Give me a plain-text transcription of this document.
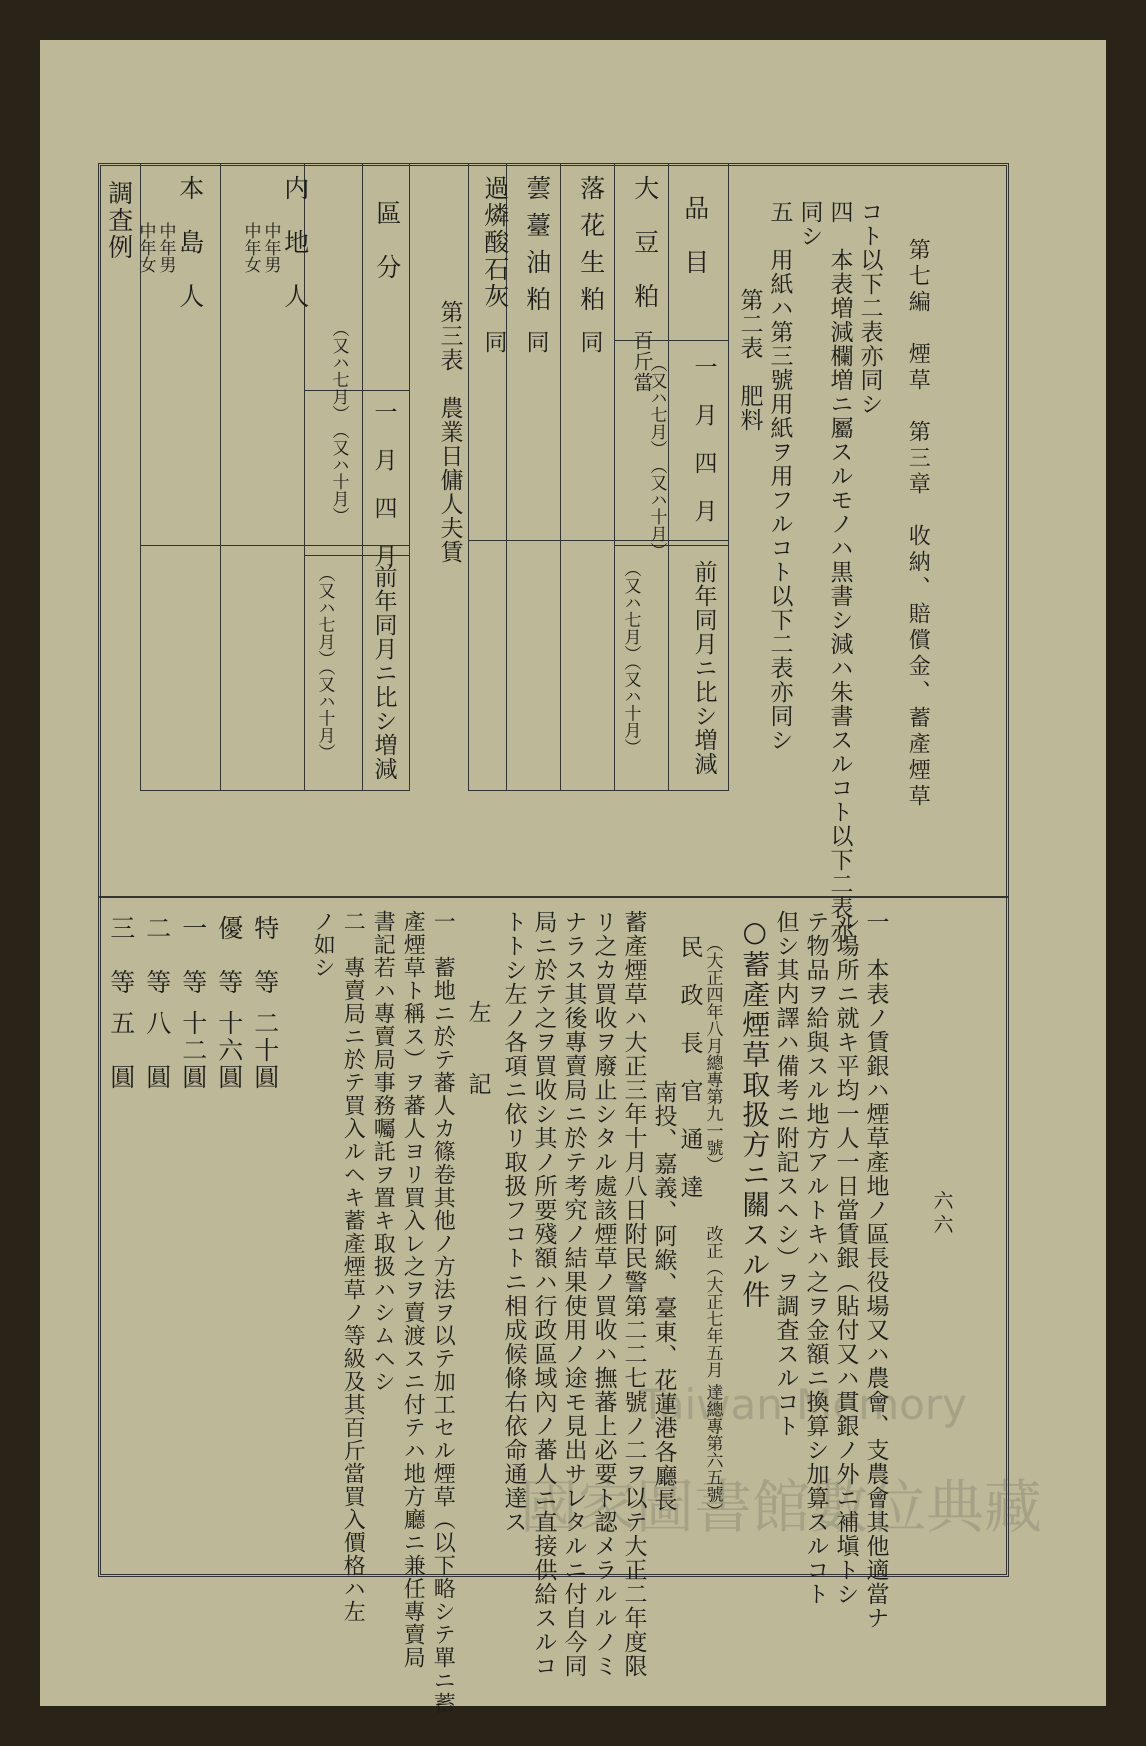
第七編　煙草　第三章　收納、賠償金、蓄產煙草
六六
コト以下二表亦同シ
四　本表増減欄増ニ屬スルモノハ黒書シ減ハ朱書スルコト以下二表亦
同シ
五　用紙ハ第三號用紙ヲ用フルコト以下二表亦同シ
第二表　肥料
品　目
一　月　四　月
（又ハ七月）　（又ハ十月）
前年同月ニ比シ増減
（又ハ七月）（又ハ十月）
第三表　農業日傭人夫賃
區　分
一　月　四　月
（又ハ七月）　（又ハ十月）
前年同月ニ比シ増減
（又ハ七月）（又ハ十月）
調査例
Taiwan Memory
國家圖書館數位典藏
大　豆　粕
百斤當
落 花 生 粕
同
蕓 薹 油 粕
同
過燐酸石灰
同
内　地　人
中年男
中年女
本　島　人
中年男
中年女
一　本表ノ賃銀ハ煙草產地ノ區長役場又ハ農會、支農會其他適當ナ
ル場所ニ就キ平均一人一日當賃銀（貼付又ハ貫銀ノ外ニ補塡トシ
テ物品ヲ給與スル地方アルトキハ之ヲ金額ニ換算シ加算スルコト
但シ其内譯ハ備考ニ附記スヘシ）ヲ調査スルコト
○蓄產煙草取扱方ニ關スル件
（大正四年八月總專第九一號）
改正（大正七年五月 達總專第六五號）
民　政　長　官　通　達
南投、嘉義、阿緱、臺東、花蓮港各廳長
蓄產煙草ハ大正三年十月八日附民警第二二七號ノ二ヲ以テ大正二年度限
リ之カ買收ヲ廢止シタル處該煙草ノ買收ハ撫蕃上必要ト認メラルルノミ
ナラス其後專賣局ニ於テ考究ノ結果使用ノ途モ見出サレタルニ付自今同
局ニ於テ之ヲ買收シ其ノ所要殘額ハ行政區域內ノ蕃人ニ直接供給スルコ
トトシ左ノ各項ニ依リ取扱フコトニ相成候條右依命通達ス
左　　記
一　蓄地ニ於テ蕃人カ篠卷其他ノ方法ヲ以テ加工セル煙草（以下略シテ單ニ蓄
產煙草ト稱ス）ヲ蕃人ヨリ買入レ之ヲ賣渡スニ付テハ地方廳ニ兼任專賣局
書記若ハ專賣局事務囑託ヲ置キ取扱ハシムヘシ
二　專賣局ニ於テ買入ルヘキ蓄產煙草ノ等級及其百斤當買入價格ハ左
ノ如シ
特　等
二十圓
優　等
十六圓
一　等
十二圓
二　等
八　圓
三　等
五　圓
